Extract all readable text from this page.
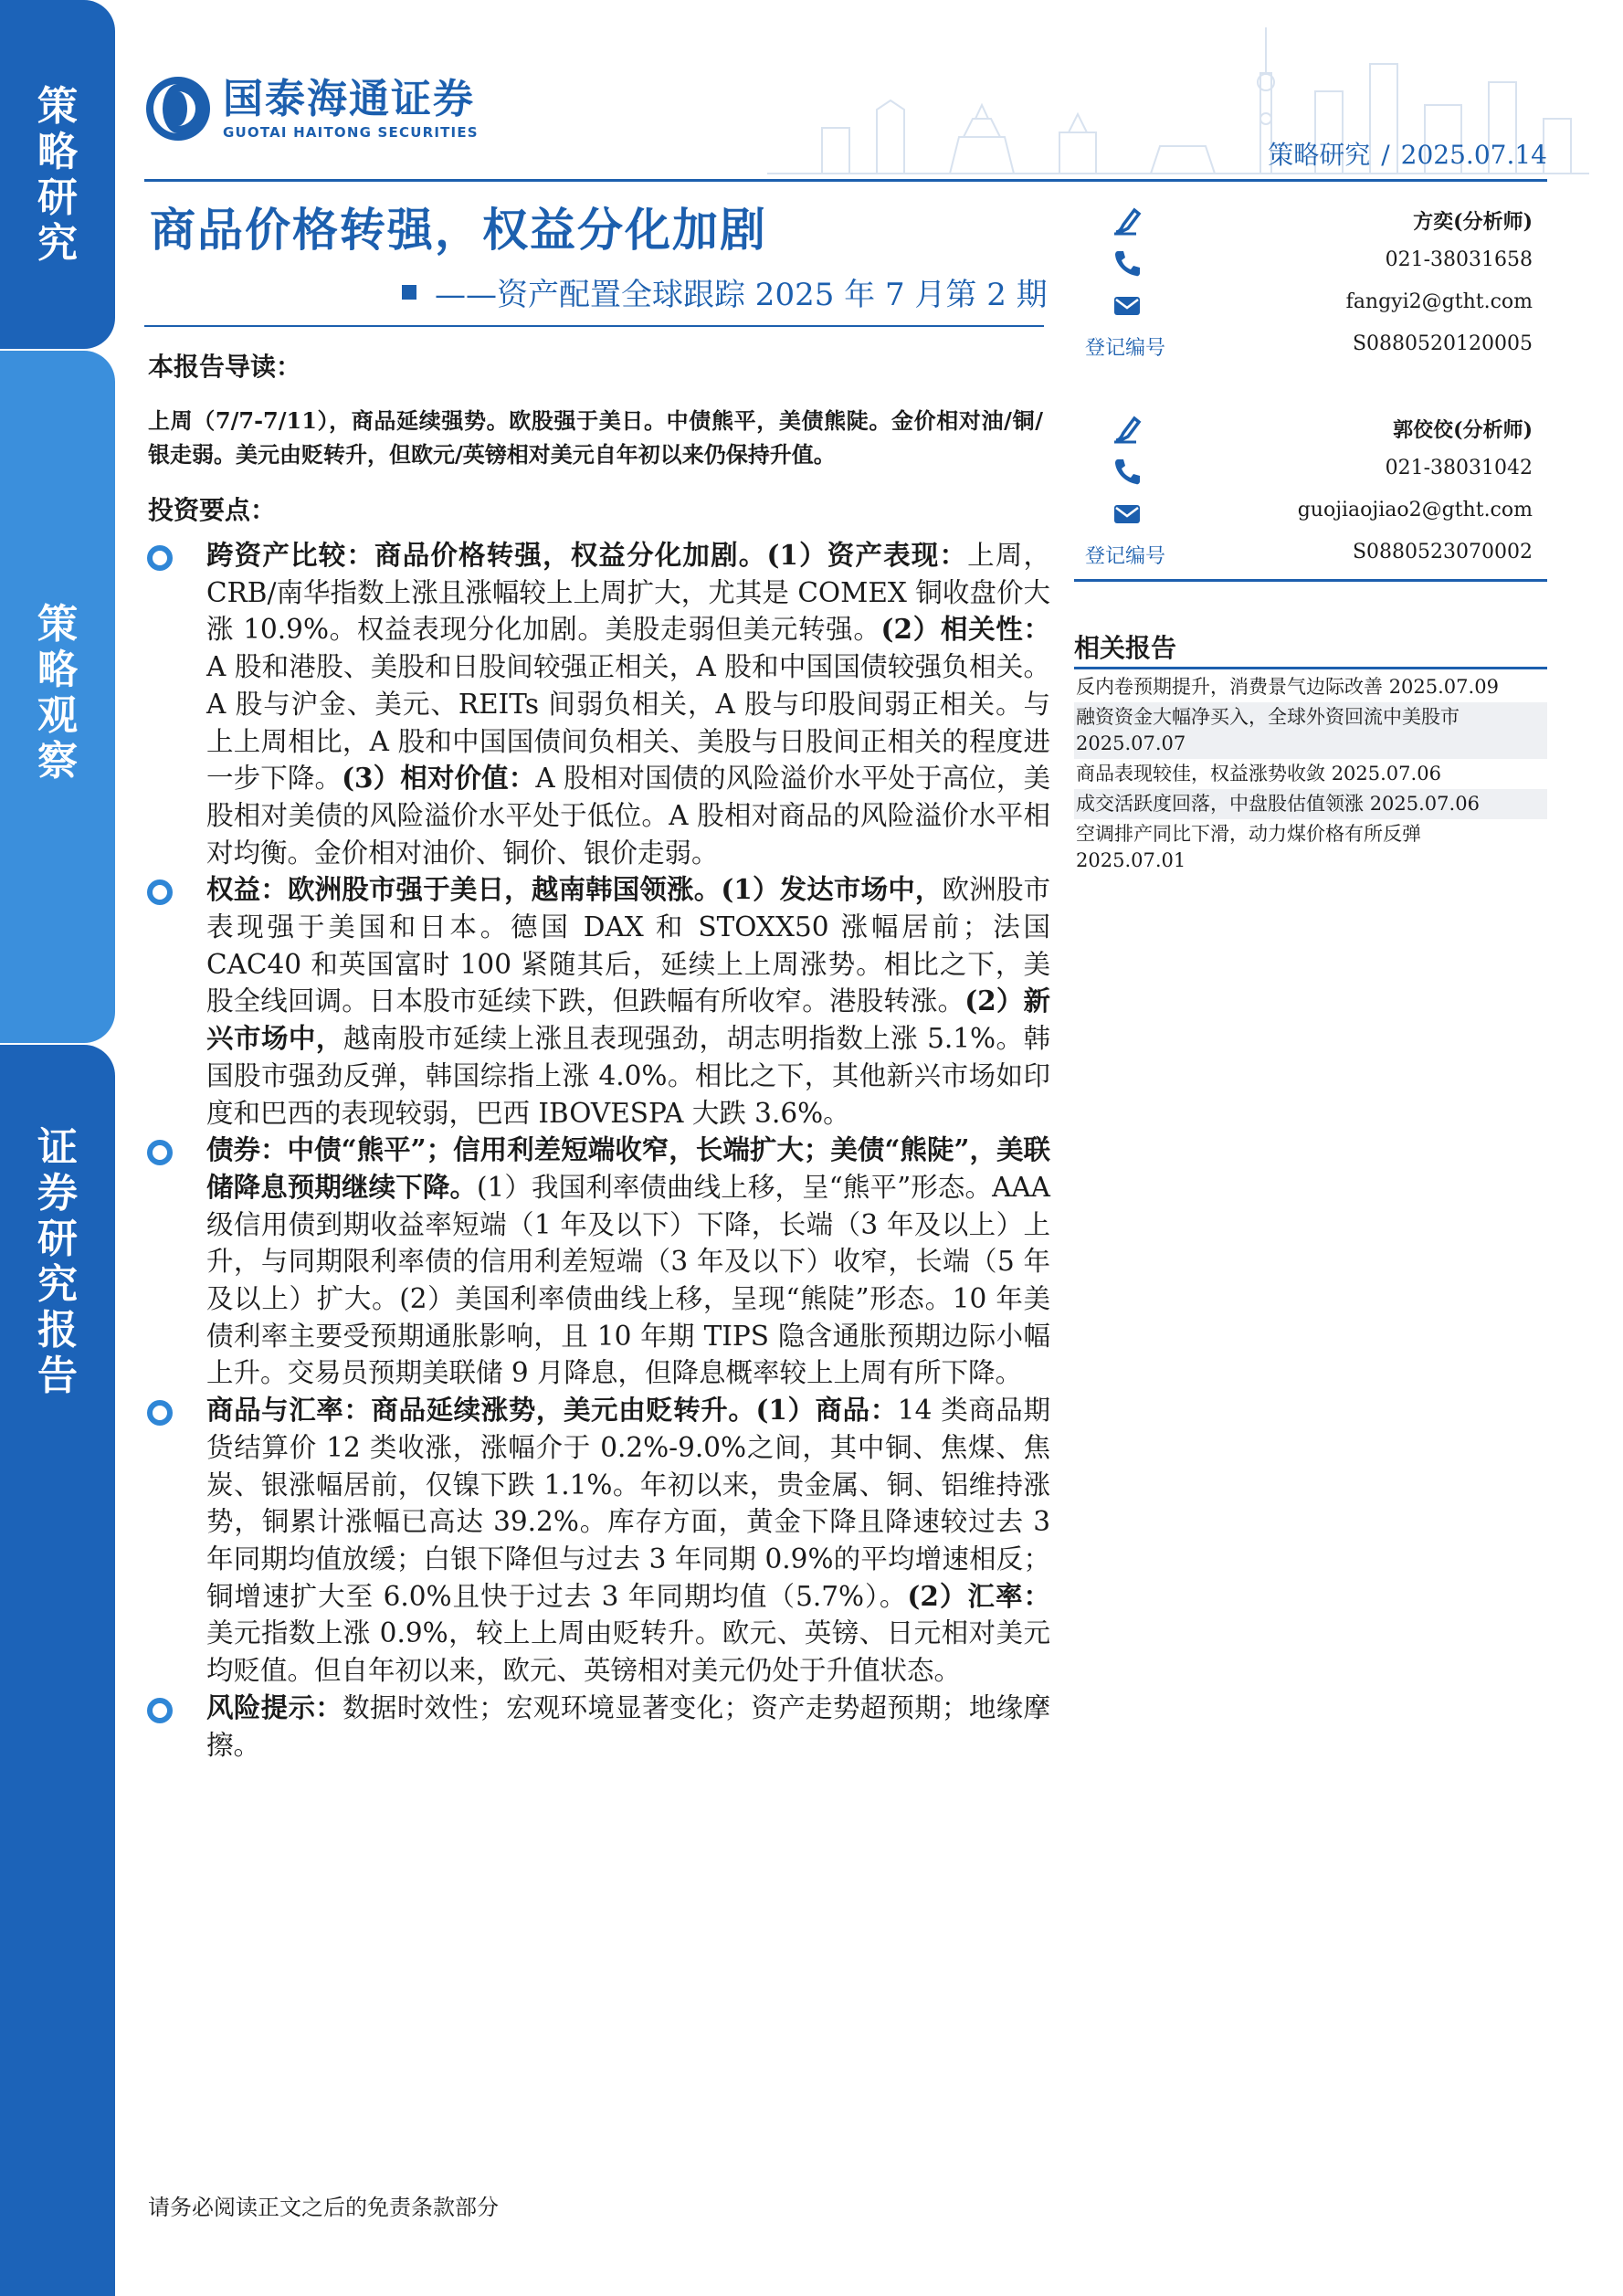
策
略
研
究
策
略
观
察
证
券
研
究
报
告
国泰海通证券
GUOTAI HAITONG SECURITIES
策略研究 / 2025.07.14
商品价格转强，权益分化加剧
——资产配置全球跟踪 2025 年 7 月第 2 期
本报告导读：
上周（7/7-7/11），商品延续强势。欧股强于美日。中债熊平，美债熊陡。金价相对油/铜/银走弱。美元由贬转升，但欧元/英镑相对美元自年初以来仍保持升值。
投资要点：
跨资产比较：商品价格转强，权益分化加剧。(1）资产表现：上周，CRB/南华指数上涨且涨幅较上上周扩大，尤其是 COMEX 铜收盘价大涨 10.9%。权益表现分化加剧。美股走弱但美元转强。(2）相关性：A 股和港股、美股和日股间较强正相关，A 股和中国国债较强负相关。A 股与沪金、美元、REITs 间弱负相关，A 股与印股间弱正相关。与上上周相比，A 股和中国国债间负相关、美股与日股间正相关的程度进一步下降。(3）相对价值：A 股相对国债的风险溢价水平处于高位，美股相对美债的风险溢价水平处于低位。A 股相对商品的风险溢价水平相对均衡。金价相对油价、铜价、银价走弱。
权益：欧洲股市强于美日，越南韩国领涨。(1）发达市场中，欧洲股市表现强于美国和日本。德国 DAX 和 STOXX50 涨幅居前；法国 CAC40 和英国富时 100 紧随其后，延续上上周涨势。相比之下，美股全线回调。日本股市延续下跌，但跌幅有所收窄。港股转涨。(2）新兴市场中，越南股市延续上涨且表现强劲，胡志明指数上涨 5.1%。韩国股市强劲反弹，韩国综指上涨 4.0%。相比之下，其他新兴市场如印度和巴西的表现较弱，巴西 IBOVESPA 大跌 3.6%。
债券：中债“熊平”；信用利差短端收窄，长端扩大；美债“熊陡”，美联储降息预期继续下降。(1）我国利率债曲线上移，呈“熊平”形态。AAA 级信用债到期收益率短端（1 年及以下）下降，长端（3 年及以上）上升，与同期限利率债的信用利差短端（3 年及以下）收窄，长端（5 年及以上）扩大。(2）美国利率债曲线上移，呈现“熊陡”形态。10 年美债利率主要受预期通胀影响，且 10 年期 TIPS 隐含通胀预期边际小幅上升。交易员预期美联储 9 月降息，但降息概率较上上周有所下降。
商品与汇率：商品延续涨势，美元由贬转升。(1）商品：14 类商品期货结算价 12 类收涨，涨幅介于 0.2%-9.0%之间，其中铜、焦煤、焦炭、银涨幅居前，仅镍下跌 1.1%。年初以来，贵金属、铜、铝维持涨势，铜累计涨幅已高达 39.2%。库存方面，黄金下降且降速较过去 3 年同期均值放缓；白银下降但与过去 3 年同期 0.9%的平均增速相反；铜增速扩大至 6.0%且快于过去 3 年同期均值（5.7%）。(2）汇率：美元指数上涨 0.9%，较上上周由贬转升。欧元、英镑、日元相对美元均贬值。但自年初以来，欧元、英镑相对美元仍处于升值状态。
风险提示：数据时效性；宏观环境显著变化；资产走势超预期；地缘摩擦。
方奕(分析师)
021-38031658
fangyi2@gtht.com
登记编号	S0880520120005
郭佼佼(分析师)
021-38031042
guojiaojiao2@gtht.com
登记编号	S0880523070002
相关报告
反内卷预期提升，消费景气边际改善 2025.07.09
融资资金大幅净买入，全球外资回流中美股市
2025.07.07
商品表现较佳，权益涨势收敛 2025.07.06
成交活跃度回落，中盘股估值领涨 2025.07.06
空调排产同比下滑，动力煤价格有所反弹
2025.07.01
请务必阅读正文之后的免责条款部分
